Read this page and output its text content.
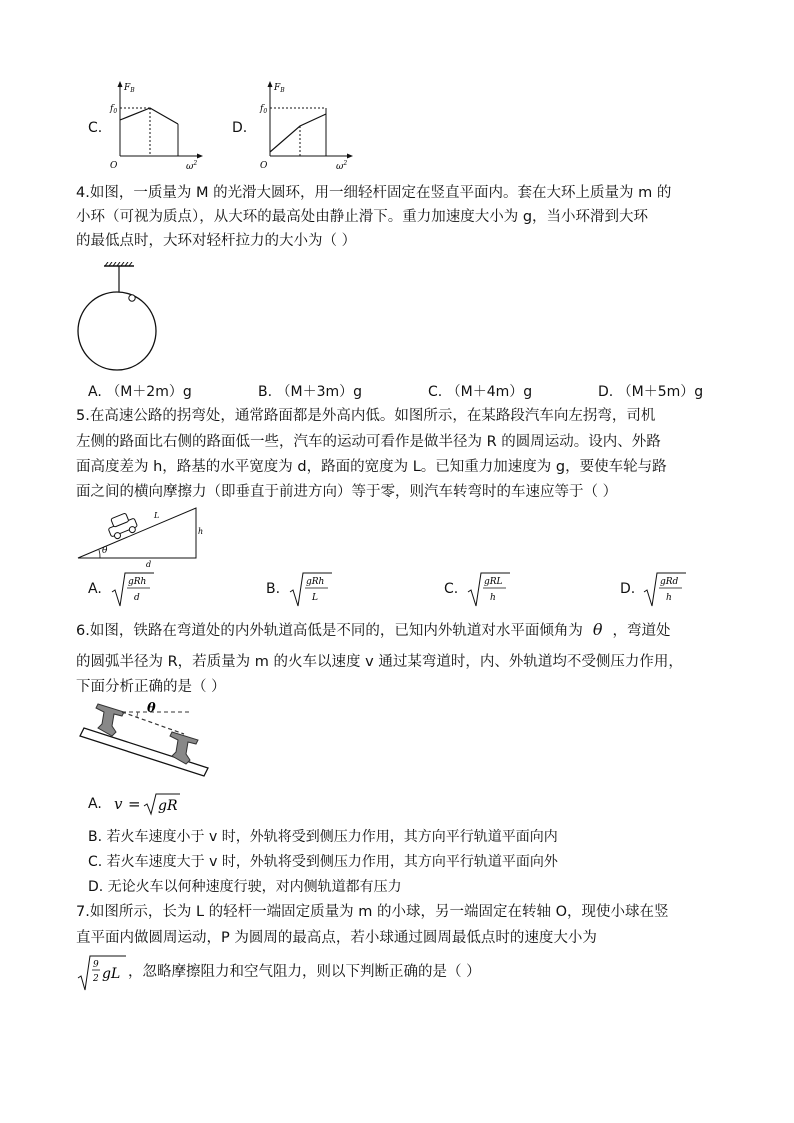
C.
$F_B$
$f_0$
O	$\omega^2$
D.
$F_B$
$f_0$
O	$\omega^2$
4.如图，一质量为 M 的光滑大圆环，用一细轻杆固定在竖直平面内。套在大环上质量为 m 的
小环（可视为质点），从大环的最高处由静止滑下。重力加速度大小为 g，当小环滑到大环
的最低点时，大环对轻杆拉力的大小为（ ）
A. （M＋2m）g	B. （M＋3m）g	C. （M＋4m）g	D. （M＋5m）g
5.在高速公路的拐弯处，通常路面都是外高内低。如图所示，在某路段汽车向左拐弯，司机
左侧的路面比右侧的路面低一些，汽车的运动可看作是做半径为 R 的圆周运动。设内、外路
面高度差为 h，路基的水平宽度为 d，路面的宽度为 L。已知重力加速度为 g，要使车轮与路
面之间的横向摩擦力（即垂直于前进方向）等于零，则汽车转弯时的车速应等于（ ）
θ
L
h
d
A.	gRh
d
B.	gRh
L
C.	gRL
h
D.	gRd
h
6.如图，铁路在弯道处的内外轨道高低是不同的，已知内外轨道对水平面倾角为 θ ，弯道处
的圆弧半径为 R，若质量为 m 的火车以速度 v 通过某弯道时，内、外轨道均不受侧压力作用，
下面分析正确的是（ ）
θ
A. v = gR
B. 若火车速度小于 v 时，外轨将受到侧压力作用，其方向平行轨道平面向内
C. 若火车速度大于 v 时，外轨将受到侧压力作用，其方向平行轨道平面向外
D. 无论火车以何种速度行驶，对内侧轨道都有压力
7.如图所示，长为 L 的轻杆一端固定质量为 m 的小球，另一端固定在转轴 O，现使小球在竖
直平面内做圆周运动，P 为圆周的最高点，若小球通过圆周最低点时的速度大小为
9
2 gL ，忽略摩擦阻力和空气阻力，则以下判断正确的是（ ）
